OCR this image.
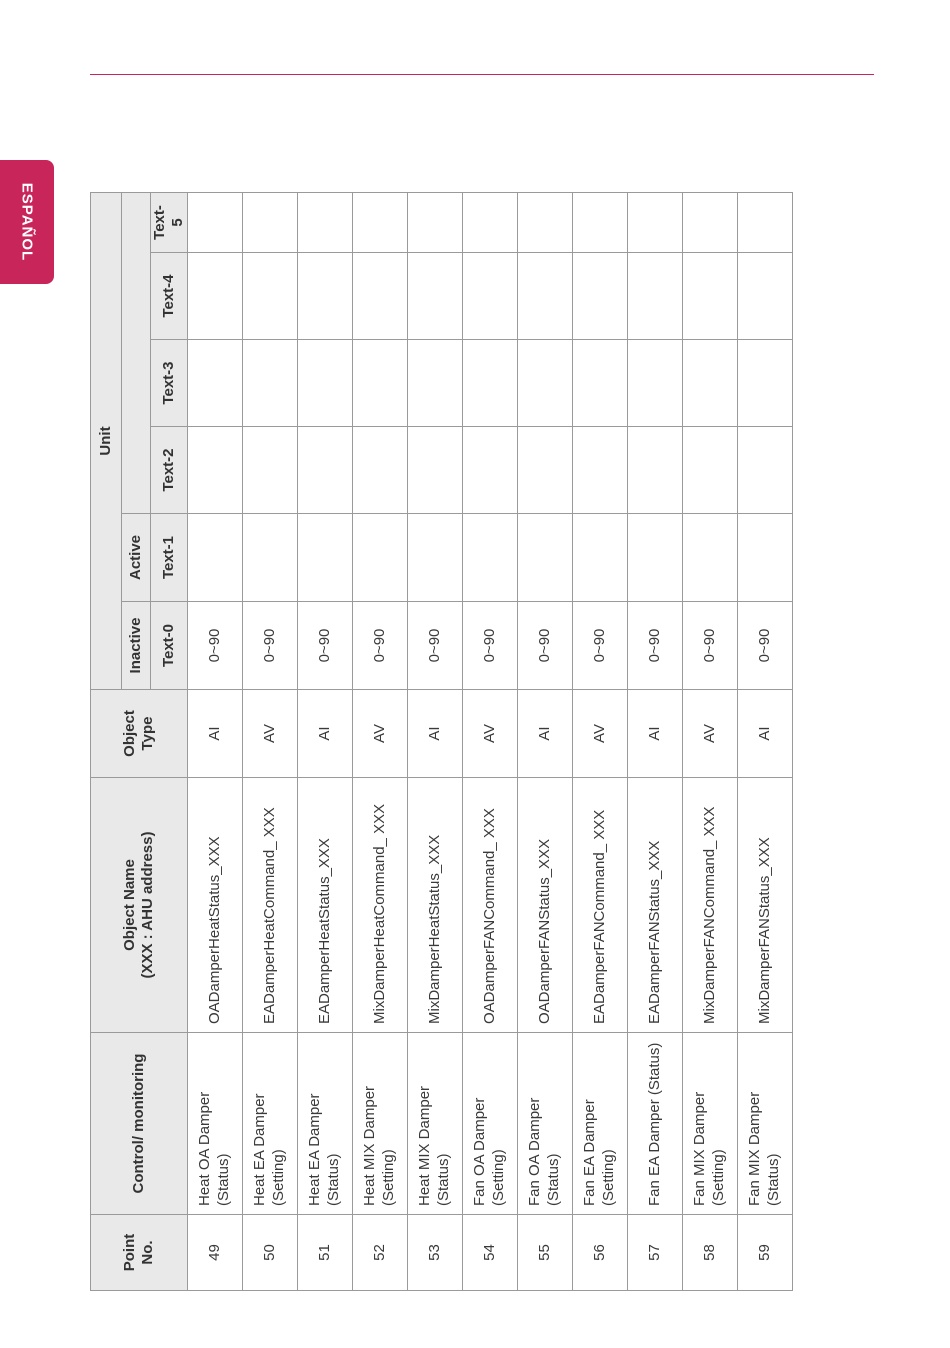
ESPAÑOL
Point No.	Control/ monitoring	Object Name (XXX : AHU address)	Object Type	Unit					
				Inactive	Active				
				Text-0	Text-1	Text-2	Text-3	Text-4	Text-5
49	Heat OA Damper (Status)	OADamperHeatStatus_XXX	AI	0~90					
50	Heat EA Damper (Setting)	EADamperHeatCommand_ XXX	AV	0~90					
51	Heat EA Damper (Status)	EADamperHeatStatus_XXX	AI	0~90					
52	Heat MIX Damper (Setting)	MixDamperHeatCommand_ XXX	AV	0~90					
53	Heat MIX Damper (Status)	MixDamperHeatStatus_XXX	AI	0~90					
54	Fan OA Damper (Setting)	OADamperFANCommand_ XXX	AV	0~90					
55	Fan OA Damper (Status)	OADamperFANStatus_XXX	AI	0~90					
56	Fan EA Damper (Setting)	EADamperFANCommand_ XXX	AV	0~90					
57	Fan EA Damper (Status)	EADamperFANStatus_XXX	AI	0~90					
58	Fan MIX Damper (Setting)	MixDamperFANCommand_ XXX	AV	0~90					
59	Fan MIX Damper (Status)	MixDamperFANStatus_XXX	AI	0~90					
